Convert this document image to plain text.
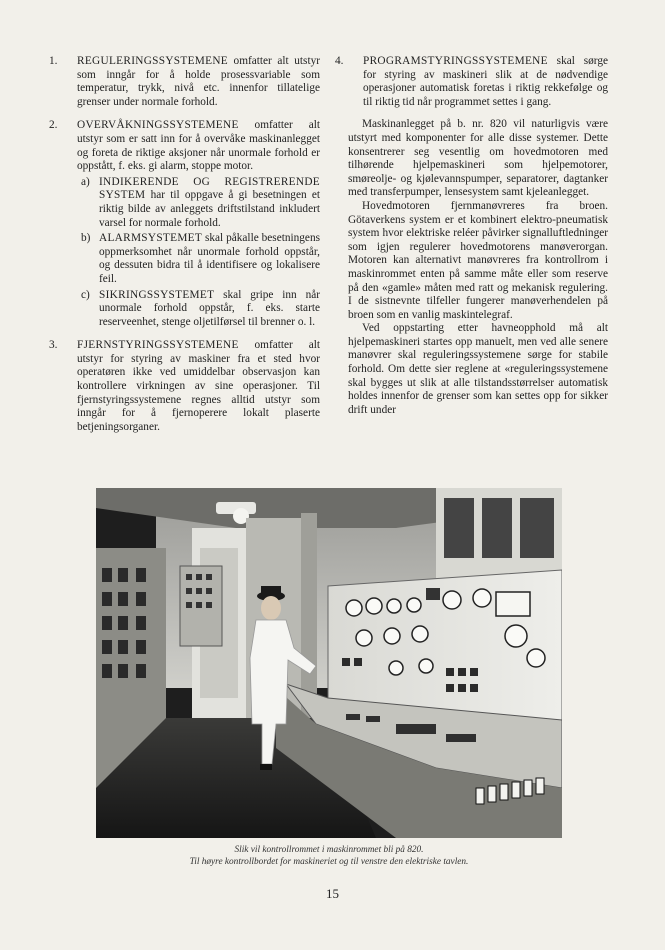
1. REGULERINGSSYSTEMENE omfatter alt utstyr som inngår for å holde prosessvariable som temperatur, trykk, nivå etc. innenfor tillatelige grenser under normale forhold.
2. OVERVÅKNINGSSYSTEMENE omfatter alt utstyr som er satt inn for å overvåke maskinanlegget og foreta de riktige aksjoner når unormale forhold er oppstått, f. eks. gi alarm, stoppe motor.
a) INDIKERENDE OG REGISTRERENDE SYSTEM har til oppgave å gi besetningen et riktig bilde av anleggets driftstilstand inkludert varsel for normale forhold.
b) ALARMSYSTEMET skal påkalle besetningens oppmerksomhet når unormale forhold oppstår, og dessuten bidra til å identifisere og lokalisere feil.
c) SIKRINGSSYSTEMET skal gripe inn når unormale forhold oppstår, f. eks. starte reserveenhet, stenge oljetilførsel til brenner o. l.
3. FJERNSTYRINGSSYSTEMENE omfatter alt utstyr for styring av maskiner fra et sted hvor operatøren ikke ved umiddelbar observasjon kan kontrollere virkningen av sine operasjoner. Til fjernstyringssystemene regnes alltid utstyr som inngår for å fjernoperere lokalt plaserte betjeningsorganer.
4. PROGRAMSTYRINGSSYSTEMENE skal sørge for styring av maskineri slik at de nødvendige operasjoner automatisk foretas i riktig rekkefølge og til riktig tid når programmet settes i gang.

Maskinanlegget på b. nr. 820 vil naturligvis være utstyrt med komponenter for alle disse systemer. Dette konsentrerer seg vesentlig om hovedmotoren med tilhørende hjelpemaskineri som hjelpemotorer, smøreolje- og kjølevannspumper, separatorer, dagtanker med transferpumper, lensesystem samt kjeleanlegget.

Hovedmotoren fjernmanøvreres fra broen. Götaverkens system er et kombinert elektro-pneumatisk system hvor elektriske reléer påvirker signalluftledninger som igjen regulerer hovedmotorens manøverorgan. Motoren kan alternativt manøvreres fra kontrollrom i maskinrommet enten på samme måte eller som reserve på den «gamle» måten med ratt og mekanisk regulering. I de sistnevnte tilfeller fungerer manøverhendelen på broen som en vanlig maskintelegraf.

Ved oppstarting etter havneopphold må alt hjelpemaskineri startes opp manuelt, men ved alle senere manøvrer skal reguleringssystemene sørge for stabile forhold. Om dette sier reglene at «reguleringssystemene skal bygges ut slik at alle tilstandsstørrelser automatisk holdes innenfor de grenser som kan settes opp for sikker drift under

Slik vil kontrollrommet i maskinrommet bli på 820.
Til høyre kontrollbordet for maskineriet og til venstre den elektriske tavlen.
15
